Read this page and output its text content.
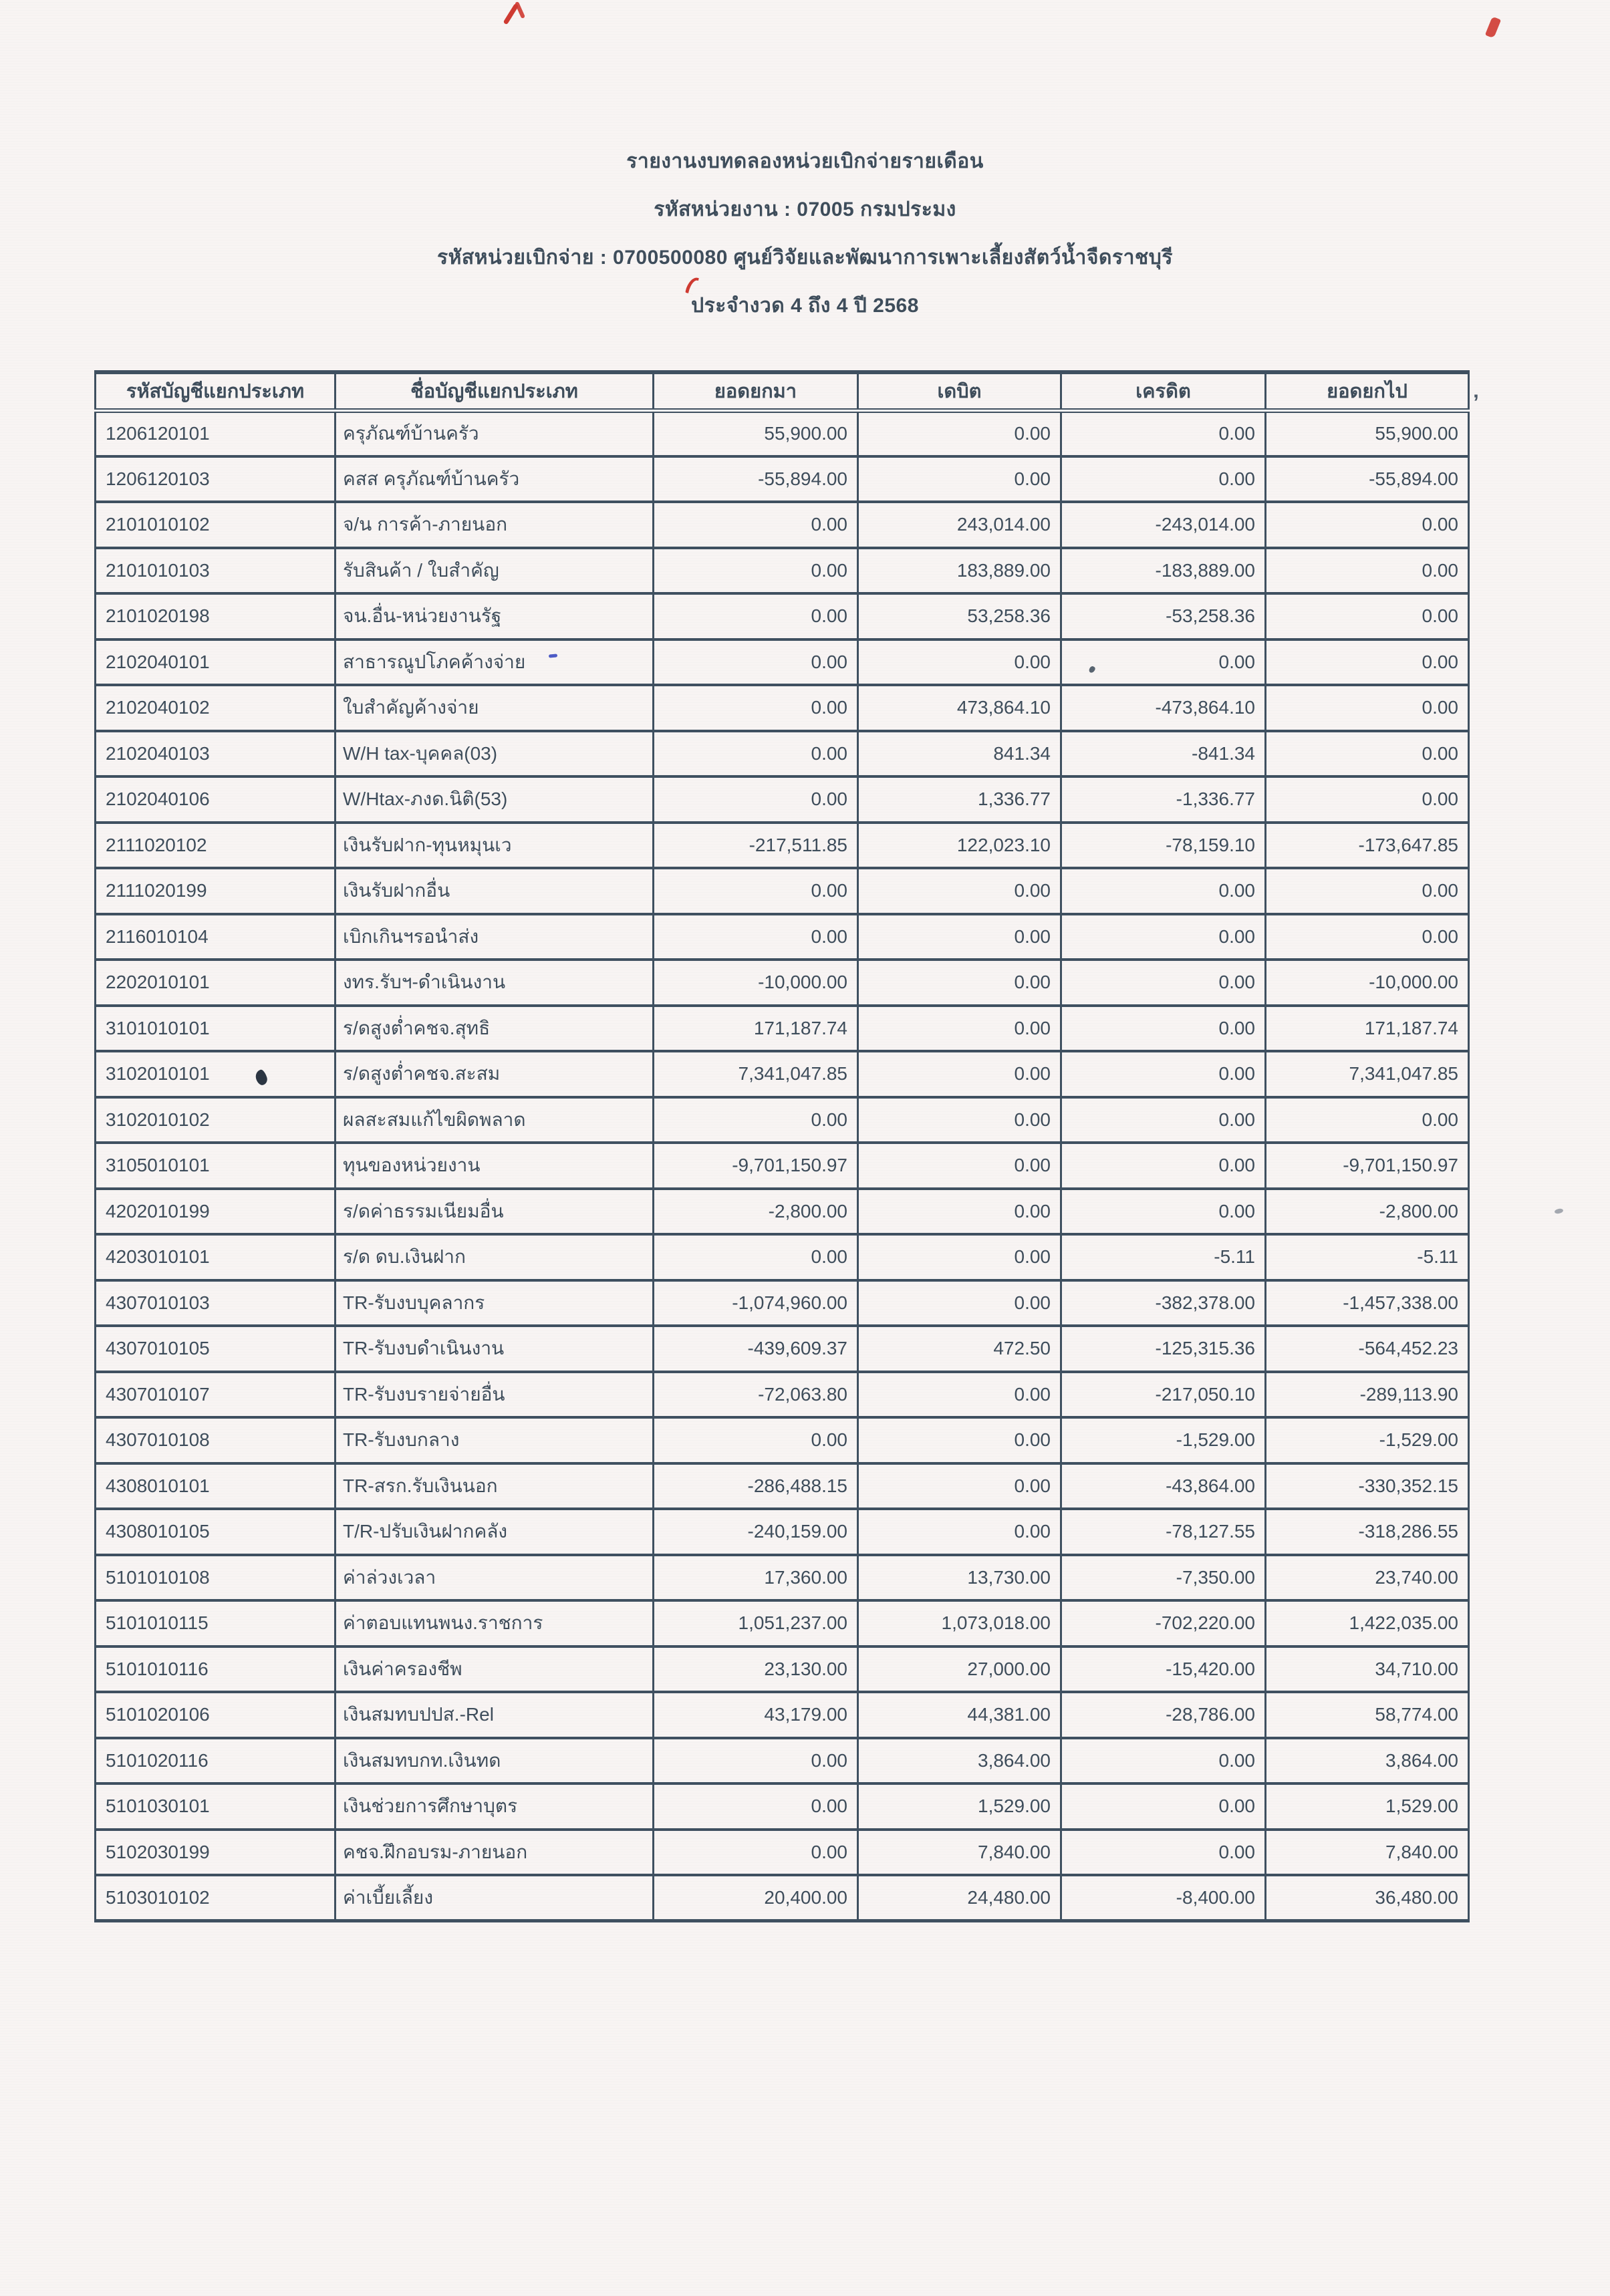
รายงานงบทดลองหน่วยเบิกจ่ายรายเดือน
รหัสหน่วยงาน : 07005 กรมประมง
รหัสหน่วยเบิกจ่าย : 0700500080 ศูนย์วิจัยและพัฒนาการเพาะเลี้ยงสัตว์น้ำจืดราชบุรี
ประจำงวด 4 ถึง 4 ปี 2568
รหัสบัญชีแยกประเภท	ชื่อบัญชีแยกประเภท	ยอดยกมา	เดบิต	เครดิต	ยอดยกไป
1206120101	ครุภัณฑ์บ้านครัว	55,900.00	0.00	0.00	55,900.00
1206120103	คสส ครุภัณฑ์บ้านครัว	-55,894.00	0.00	0.00	-55,894.00
2101010102	จ/น การค้า-ภายนอก	0.00	243,014.00	-243,014.00	0.00
2101010103	รับสินค้า / ใบสำคัญ	0.00	183,889.00	-183,889.00	0.00
2101020198	จน.อื่น-หน่วยงานรัฐ	0.00	53,258.36	-53,258.36	0.00
2102040101	สาธารณูปโภคค้างจ่าย	0.00	0.00	0.00	0.00
2102040102	ใบสำคัญค้างจ่าย	0.00	473,864.10	-473,864.10	0.00
2102040103	W/H tax-บุคคล(03)	0.00	841.34	-841.34	0.00
2102040106	W/Htax-ภงด.นิติ(53)	0.00	1,336.77	-1,336.77	0.00
2111020102	เงินรับฝาก-ทุนหมุนเว	-217,511.85	122,023.10	-78,159.10	-173,647.85
2111020199	เงินรับฝากอื่น	0.00	0.00	0.00	0.00
2116010104	เบิกเกินฯรอนำส่ง	0.00	0.00	0.00	0.00
2202010101	งทร.รับฯ-ดำเนินงาน	-10,000.00	0.00	0.00	-10,000.00
3101010101	ร/ดสูงต่ำคชจ.สุทธิ	171,187.74	0.00	0.00	171,187.74
3102010101	ร/ดสูงต่ำคชจ.สะสม	7,341,047.85	0.00	0.00	7,341,047.85
3102010102	ผลสะสมแก้ไขผิดพลาด	0.00	0.00	0.00	0.00
3105010101	ทุนของหน่วยงาน	-9,701,150.97	0.00	0.00	-9,701,150.97
4202010199	ร/ดค่าธรรมเนียมอื่น	-2,800.00	0.00	0.00	-2,800.00
4203010101	ร/ด ดบ.เงินฝาก	0.00	0.00	-5.11	-5.11
4307010103	TR-รับงบบุคลากร	-1,074,960.00	0.00	-382,378.00	-1,457,338.00
4307010105	TR-รับงบดำเนินงาน	-439,609.37	472.50	-125,315.36	-564,452.23
4307010107	TR-รับงบรายจ่ายอื่น	-72,063.80	0.00	-217,050.10	-289,113.90
4307010108	TR-รับงบกลาง	0.00	0.00	-1,529.00	-1,529.00
4308010101	TR-สรก.รับเงินนอก	-286,488.15	0.00	-43,864.00	-330,352.15
4308010105	T/R-ปรับเงินฝากคลัง	-240,159.00	0.00	-78,127.55	-318,286.55
5101010108	ค่าล่วงเวลา	17,360.00	13,730.00	-7,350.00	23,740.00
5101010115	ค่าตอบแทนพนง.ราชการ	1,051,237.00	1,073,018.00	-702,220.00	1,422,035.00
5101010116	เงินค่าครองชีพ	23,130.00	27,000.00	-15,420.00	34,710.00
5101020106	เงินสมทบปปส.-Rel	43,179.00	44,381.00	-28,786.00	58,774.00
5101020116	เงินสมทบกท.เงินทด	0.00	3,864.00	0.00	3,864.00
5101030101	เงินช่วยการศึกษาบุตร	0.00	1,529.00	0.00	1,529.00
5102030199	คชจ.ฝึกอบรม-ภายนอก	0.00	7,840.00	0.00	7,840.00
5103010102	ค่าเบี้ยเลี้ยง	20,400.00	24,480.00	-8,400.00	36,480.00
’
